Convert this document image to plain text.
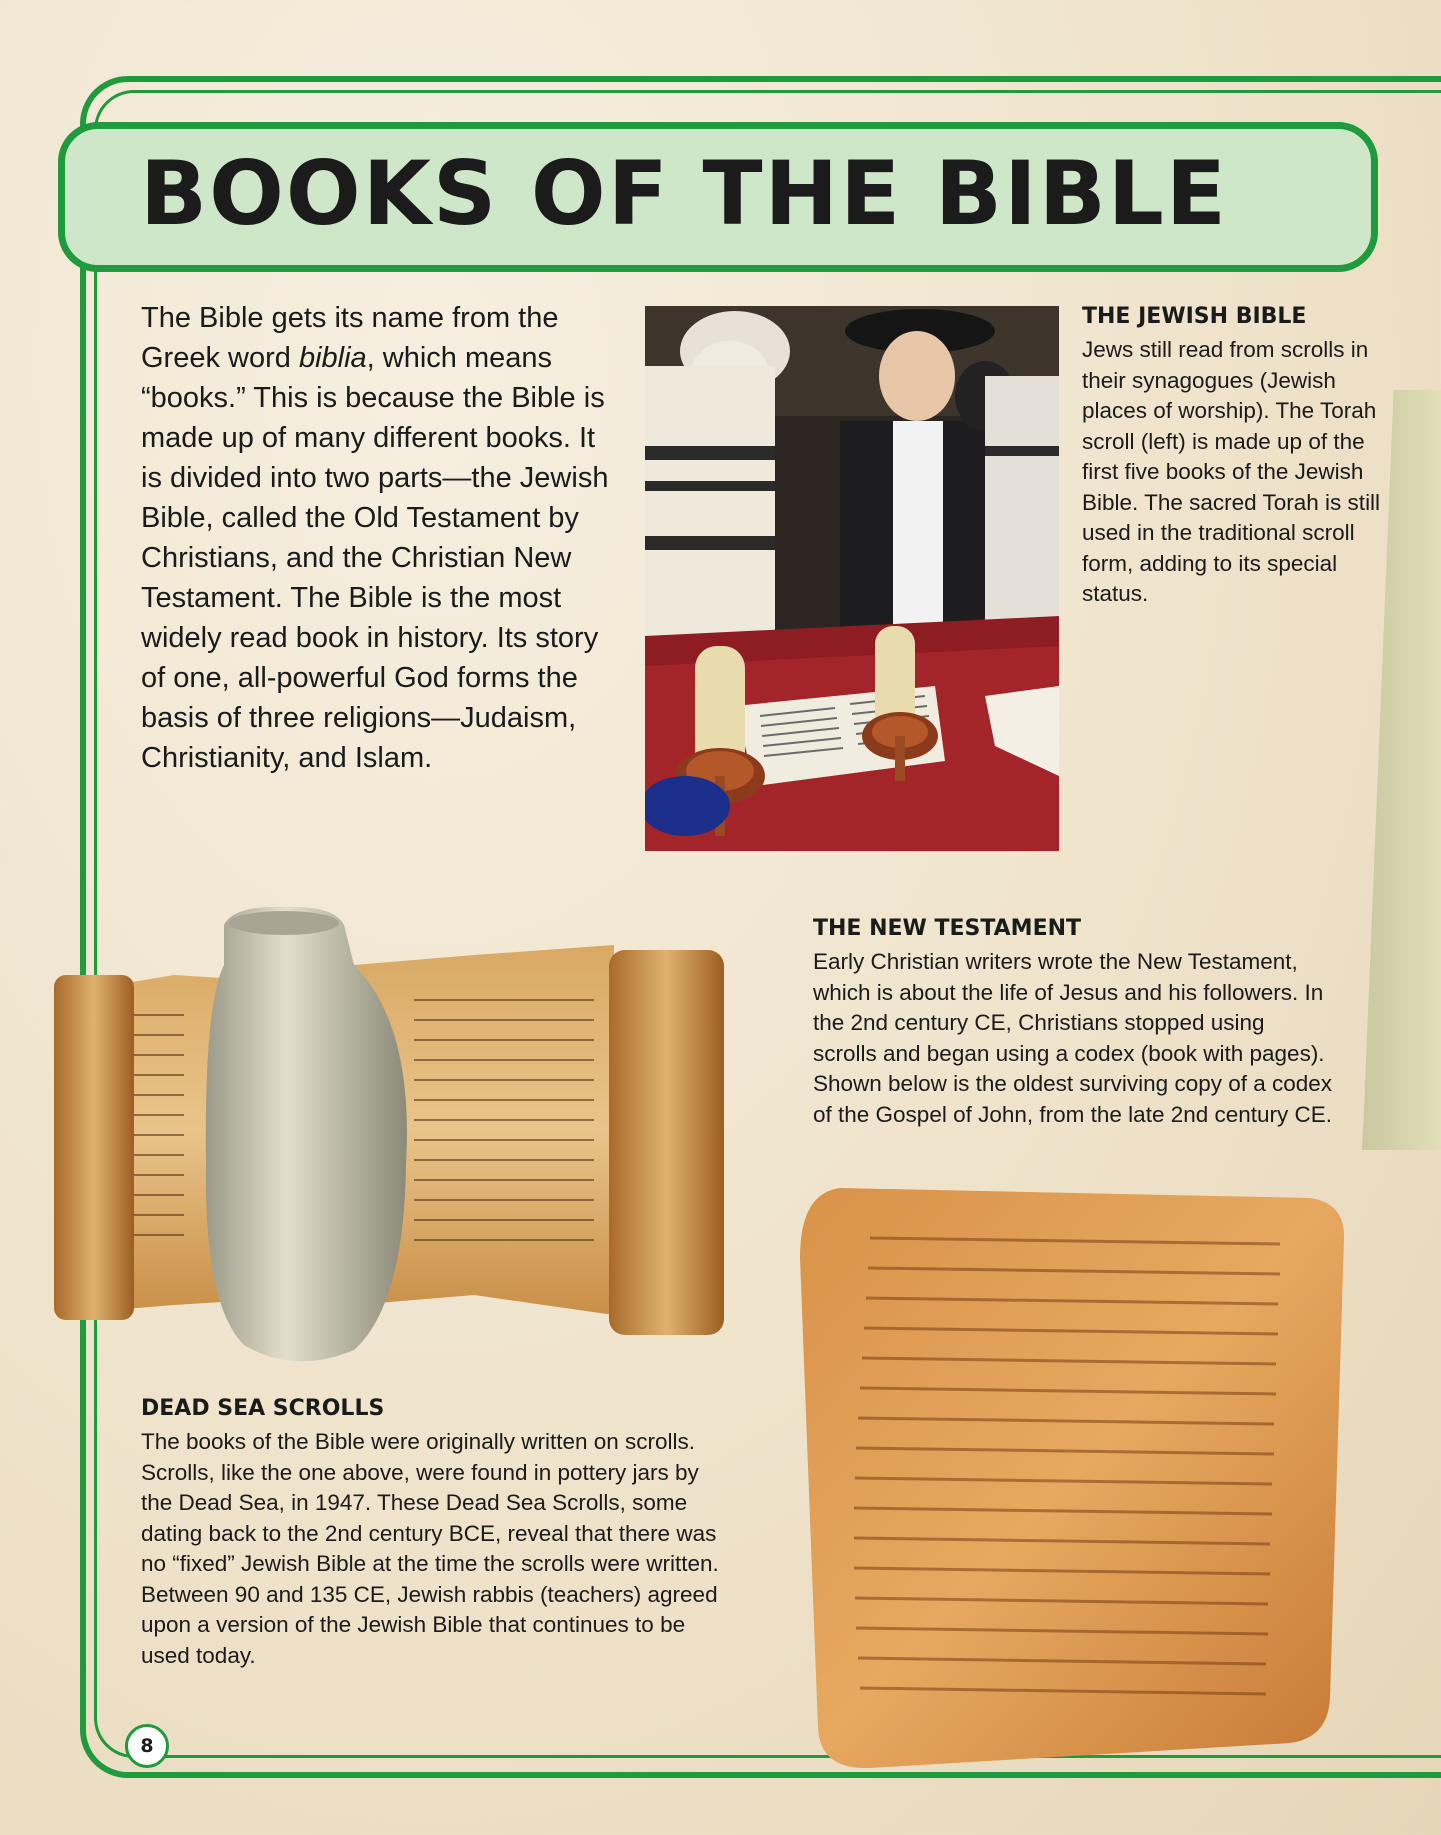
BOOKS OF THE BIBLE

The Bible gets its name from the Greek word biblia, which means “books.” This is because the Bible is made up of many different books. It is divided into two parts—the Jewish Bible, called the Old Testament by Christians, and the Christian New Testament. The Bible is the most widely read book in history. Its story of one, all-powerful God forms the basis of three religions—Judaism, Christianity, and Islam.

THE JEWISH BIBLE

Jews still read from scrolls in their synagogues (Jewish places of worship). The Torah scroll (left) is made up of the first five books of the Jewish Bible. The sacred Torah is still used in the traditional scroll form, adding to its special status.

THE NEW TESTAMENT

Early Christian writers wrote the New Testament, which is about the life of Jesus and his followers. In the 2nd century CE, Christians stopped using scrolls and began using a codex (book with pages). Shown below is the oldest surviving copy of a codex of the Gospel of John, from the late 2nd century CE.

DEAD SEA SCROLLS

The books of the Bible were originally written on scrolls. Scrolls, like the one above, were found in pottery jars by the Dead Sea, in 1947. These Dead Sea Scrolls, some dating back to the 2nd century BCE, reveal that there was no “fixed” Jewish Bible at the time the scrolls were written. Between 90 and 135 CE, Jewish rabbis (teachers) agreed upon a version of the Jewish Bible that continues to be used today.

8
